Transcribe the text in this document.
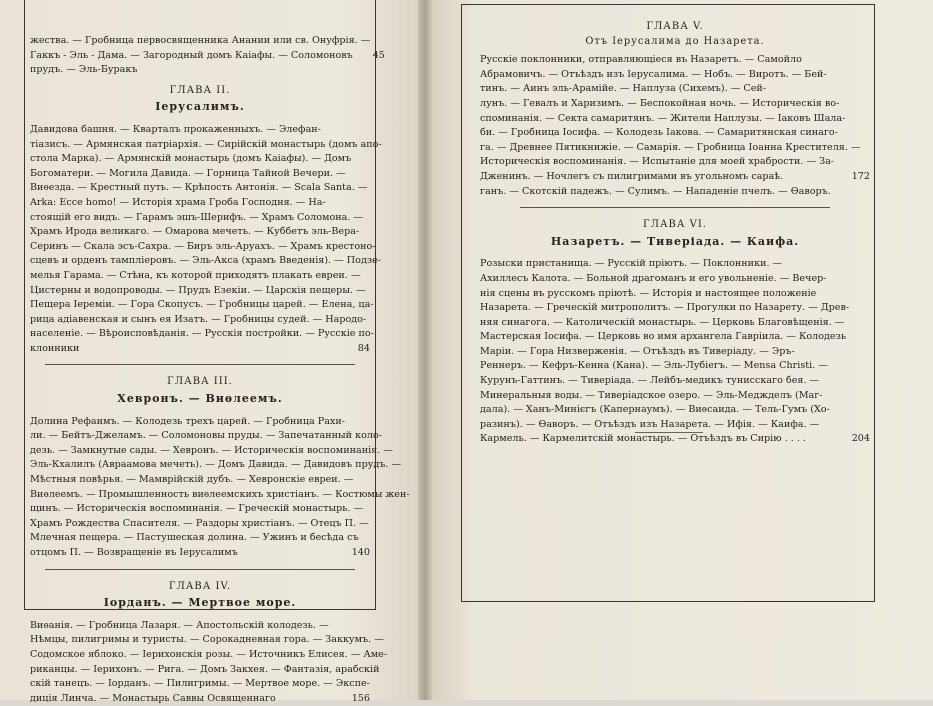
жества. — Гробница первосвященника Анании или св. Онуфрія. —
Гаккъ - Эль - Дама. — Загородный домъ Каіафы. — Соломоновъ	45
прудъ. — Эль-Буракъ
ГЛАВА II.
Іерусалимъ.
Давидова башня. — Кварталъ прокаженныхъ. — Элефан-
тіазисъ. — Армянская патріархія. — Сирійскій монастырь (домъ апо-
стола Марка). — Армянскій монастырь (домъ Каіафы). — Домъ
Богоматери. — Могила Давида. — Горница Тайной Вечери. —
Виѳезда. — Крестный путь. — Крѣпость Антонія. — Scala Santa. —
Arka: Ecce homo! — Исторія храма Гроба Господня. — На-
стоящій его видъ. — Гарамъ эшъ-Шерифъ. — Храмъ Соломона. —
Храмъ Ирода великаго. — Омарова мечеть. — Куббетъ эль-Вера-
Серинъ — Скала эсъ-Сахра. — Биръ эль-Аруахъ. — Храмъ крестоно-
сцевъ и орденъ тампліеровъ. — Эль-Акса (храмъ Введенія). — Подзе-
мелья Гарама. — Стѣна, къ которой приходятъ плакать евреи. —
Цистерны и водопроводы. — Прудъ Езекіи. — Царскія пещеры. —
Пещера Іереміи. — Гора Скопусъ. — Гробницы царей. — Елена, ца-
рица адіавенская и сынъ ея Изатъ. — Гробницы судей. — Народо-
населеніе. — Вѣроисповѣданія. — Русскія постройки. — Русскіе по-
клонники	84
ГЛАВА III.
Хевронъ. — Виѳлеемъ.
Долина Рефаимъ. — Колодезь трехъ царей. — Гробница Рахи-
ли. — Бейтъ-Джеламъ. — Соломоновы пруды. — Запечатанный коло-
дезь. — Замкнутые сады. — Хевронъ. — Историческія воспоминанія. —
Эль-Кхалилъ (Авраамова мечеть). — Домъ Давида. — Давидовъ прудъ. —
Мѣстныя повѣрья. — Мамврійскій дубъ. — Хевронскіе евреи. —
Виѳлеемъ. — Промышленность виѳлеемскихъ христіанъ. — Костюмы жен-
щинъ. — Историческія воспоминанія. — Греческій монастырь. —
Храмъ Рождества Спасителя. — Раздоры христіанъ. — Отецъ П. —
Млечная пещера. — Пастушеская долина. — Ужинъ и бесѣда съ
отцомъ П. — Возвращеніе въ Іерусалимъ	140
ГЛАВА IV.
Іорданъ. — Мертвое море.
Виѳанія. — Гробница Лазаря. — Апостольскій колодезь. —
Нѣмцы, пилигримы и туристы. — Сорокадневная гора. — Заккумъ. —
Содомское яблоко. — Іерихонскія розы. — Источникъ Елисея. — Аме-
риканцы. — Іерихонъ. — Рига. — Домъ Закхея. — Фантазія, арабскій
скій танецъ. — Іорданъ. — Пилигримы. — Мертвое море. — Экспе-
диція Линча. — Монастырь Саввы Освященнаго	156
ГЛАВА V.
Отъ Іерусалима до Назарета.
Русскіе поклонники, отправляющіеся въ Назаретъ. — Самойло
Абрамовичъ. — Отъѣздъ изъ Іерусалима. — Нобъ. — Виротъ. — Бей-
тинъ. — Аинъ эль-Арамійе. — Наплуза (Сихемъ). — Сей-
лунъ. — Гевалъ и Харизимъ. — Беспокойная ночь. — Историческія во-
споминанія. — Секта самаритянъ. — Жители Наплузы. — Іаковъ Шала-
би. — Гробница Іосифа. — Колодезь Іакова. — Самаритянская синаго-
га. — Древнее Пятикнижіе. — Самарія. — Гробница Іоанна Крестителя. —
Историческія воспоминанія. — Испытаніе для моей храбрости. — За-
Дженинъ. — Ночлегъ съ пилигримами въ угольномъ сараѣ.	172
ганъ. — Скотскій падежъ. — Сулимъ. — Нападеніе пчелъ. — Ѳаворъ.
ГЛАВА VI.
Назаретъ. — Тиверіада. — Каифа.
Розыски пристанища. — Русскій пріютъ. — Поклонники. —
Ахиллесъ Калота. — Больной драгоманъ и его увольненіе. — Вечер-
нія сцены въ русскомъ пріютѣ. — Исторія и настоящее положеніе
Назарета. — Греческій митрополитъ. — Прогулки по Назарету. — Древ-
няя синагога. — Католическій монастырь. — Церковь Благовѣщенія. —
Мастерская Іосифа. — Церковь во имя архангела Гавріила. — Колодезь
Маріи. — Гора Низверженія. — Отъѣздъ въ Тиверіаду. — Эръ-
Реннеръ. — Кефръ-Кенна (Кана). — Эль-Лубіегъ. — Mensa Christi. —
Курунъ-Гаттинъ. — Тиверіада. — Лейбъ-медикъ тунисскаго бея. —
Минеральныя воды. — Тиверіадское озеро. — Эль-Меджделъ (Маг-
дала). — Ханъ-Минієгъ (Капернаумъ). — Виѳсаида. — Тель-Гумъ (Хо-
разинъ). — Ѳаворъ. — Отъѣздъ изъ Назарета. — Ифія. — Каифа. —
Кармель. — Кармелитскій монастырь. — Отъѣздъ въ Сирію . . . .	204
